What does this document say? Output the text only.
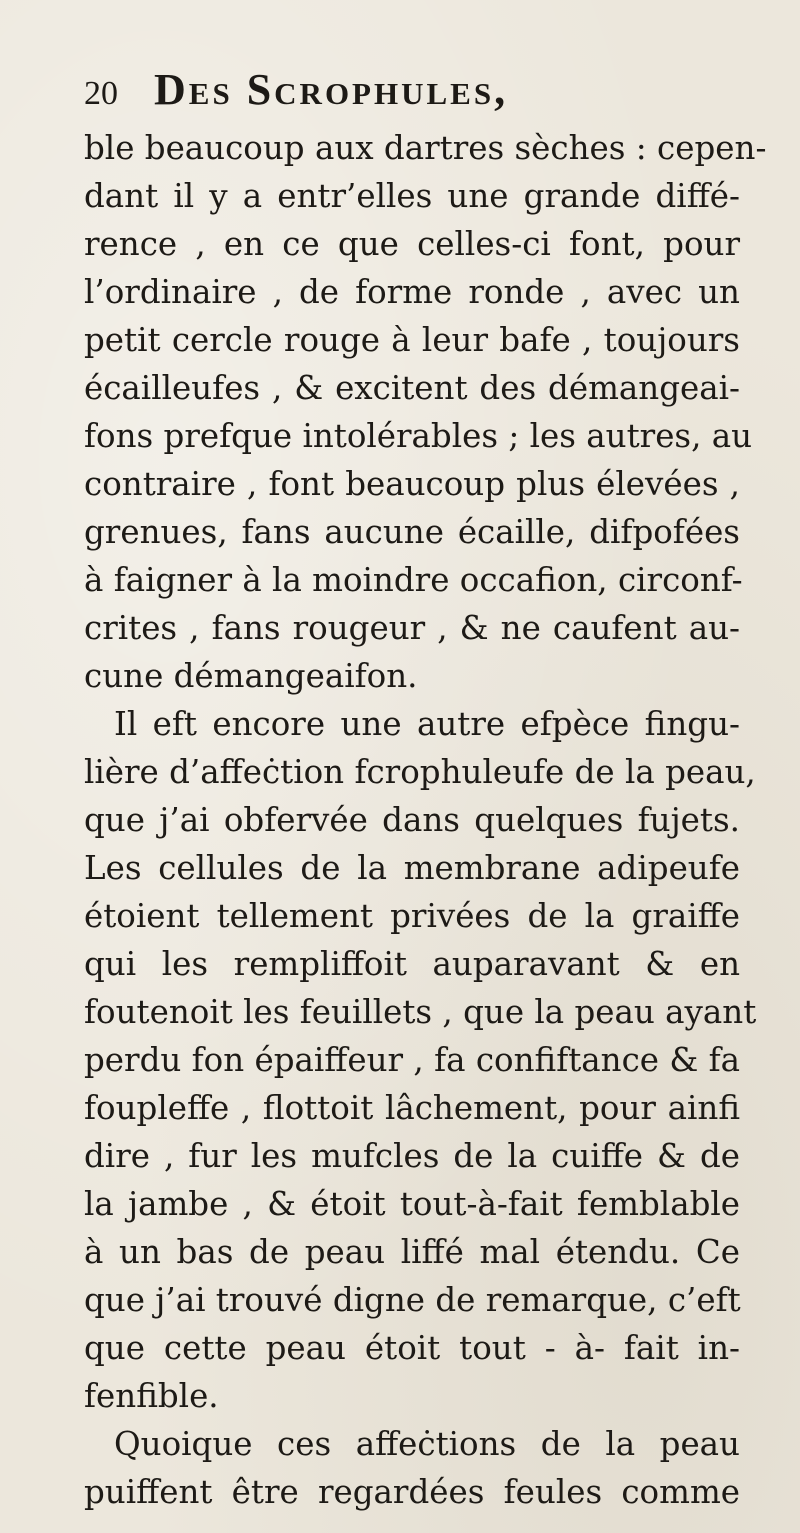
20 Des Scrophules,
ble beaucoup aux dartres sèches : cepen-
dant il y a entr’elles une grande diffé-
rence , en ce que celles-ci font, pour
l’ordinaire , de forme ronde , avec un
petit cercle rouge à leur bafe , toujours
écailleufes , & excitent des démangeai-
fons prefque intolérables ; les autres, au
contraire , font beaucoup plus élevées ,
grenues, fans aucune écaille, difpofées
à faigner à la moindre occafion, circonf-
crites , fans rougeur , & ne caufent au-
cune démangeaifon.
Il eft encore une autre efpèce fingu-
lière d’affeċtion fcrophuleufe de la peau,
que j’ai obfervée dans quelques fujets.
Les cellules de la membrane adipeufe
étoient tellement privées de la graiffe
qui les rempliffoit auparavant & en
foutenoit les feuillets , que la peau ayant
perdu fon épaiffeur , fa confiftance & fa
foupleffe , flottoit lâchement, pour ainfi
dire , fur les mufcles de la cuiffe & de
la jambe , & étoit tout-à-fait femblable
à un bas de peau liffé mal étendu. Ce
que j’ai trouvé digne de remarque, c’eft
que cette peau étoit tout - à- fait in-
fenfible.
Quoique ces affeċtions de la peau
puiffent être regardées feules comme
